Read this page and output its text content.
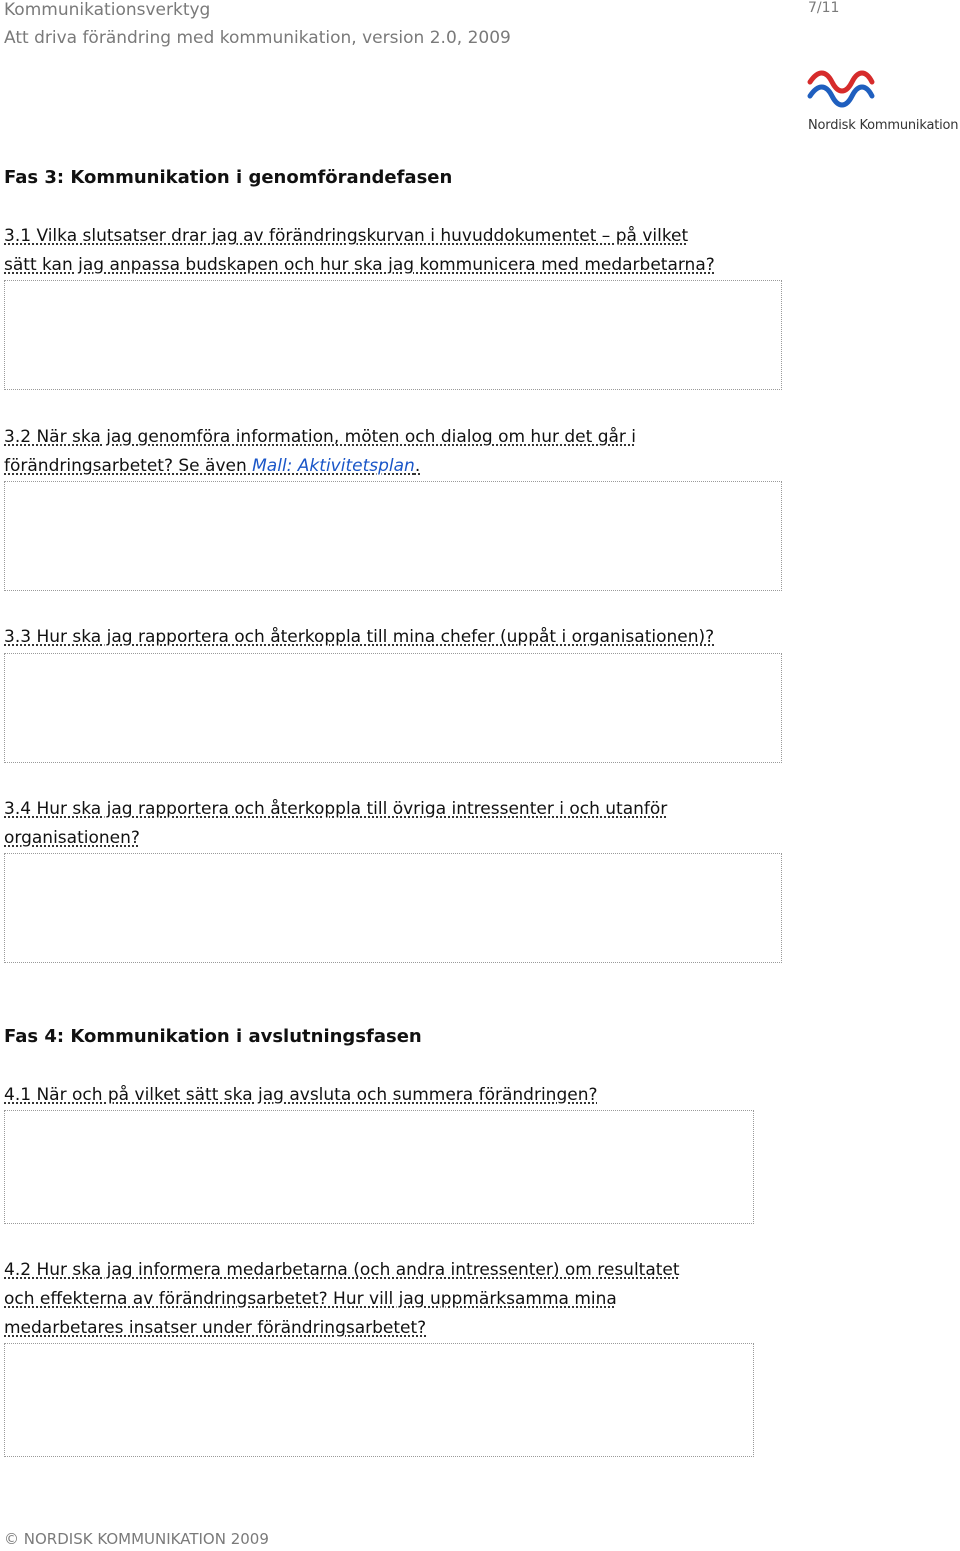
Kommunikationsverktyg
Att driva förändring med kommunikation, version 2.0, 2009
7/11
Nordisk Kommunikation
Fas 3: Kommunikation i genomförandefasen
3.1 Vilka slutsatser drar jag av förändringskurvan i huvuddokumentet – på vilket
sätt kan jag anpassa budskapen och hur ska jag kommunicera med medarbetarna?
3.2 När ska jag genomföra information, möten och dialog om hur det går i
förändringsarbetet? Se även Mall: Aktivitetsplan.
3.3 Hur ska jag rapportera och återkoppla till mina chefer (uppåt i organisationen)?
3.4 Hur ska jag rapportera och återkoppla till övriga intressenter i och utanför
organisationen?
Fas 4: Kommunikation i avslutningsfasen
4.1 När och på vilket sätt ska jag avsluta och summera förändringen?
4.2 Hur ska jag informera medarbetarna (och andra intressenter) om resultatet
och effekterna av förändringsarbetet? Hur vill jag uppmärksamma mina
medarbetares insatser under förändringsarbetet?
© NORDISK KOMMUNIKATION 2009
